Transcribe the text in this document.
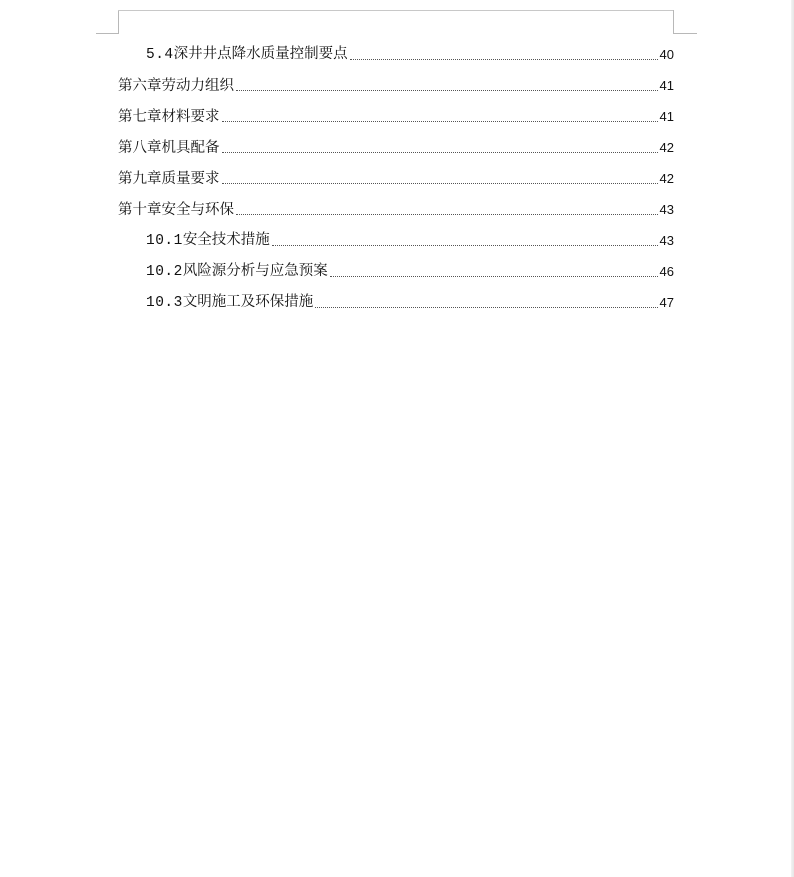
5.4深井井点降水质量控制要点	40
第六章劳动力组织	41
第七章材料要求	41
第八章机具配备	42
第九章质量要求	42
第十章安全与环保	43
10.1安全技术措施	43
10.2风险源分析与应急预案	46
10.3文明施工及环保措施	47
